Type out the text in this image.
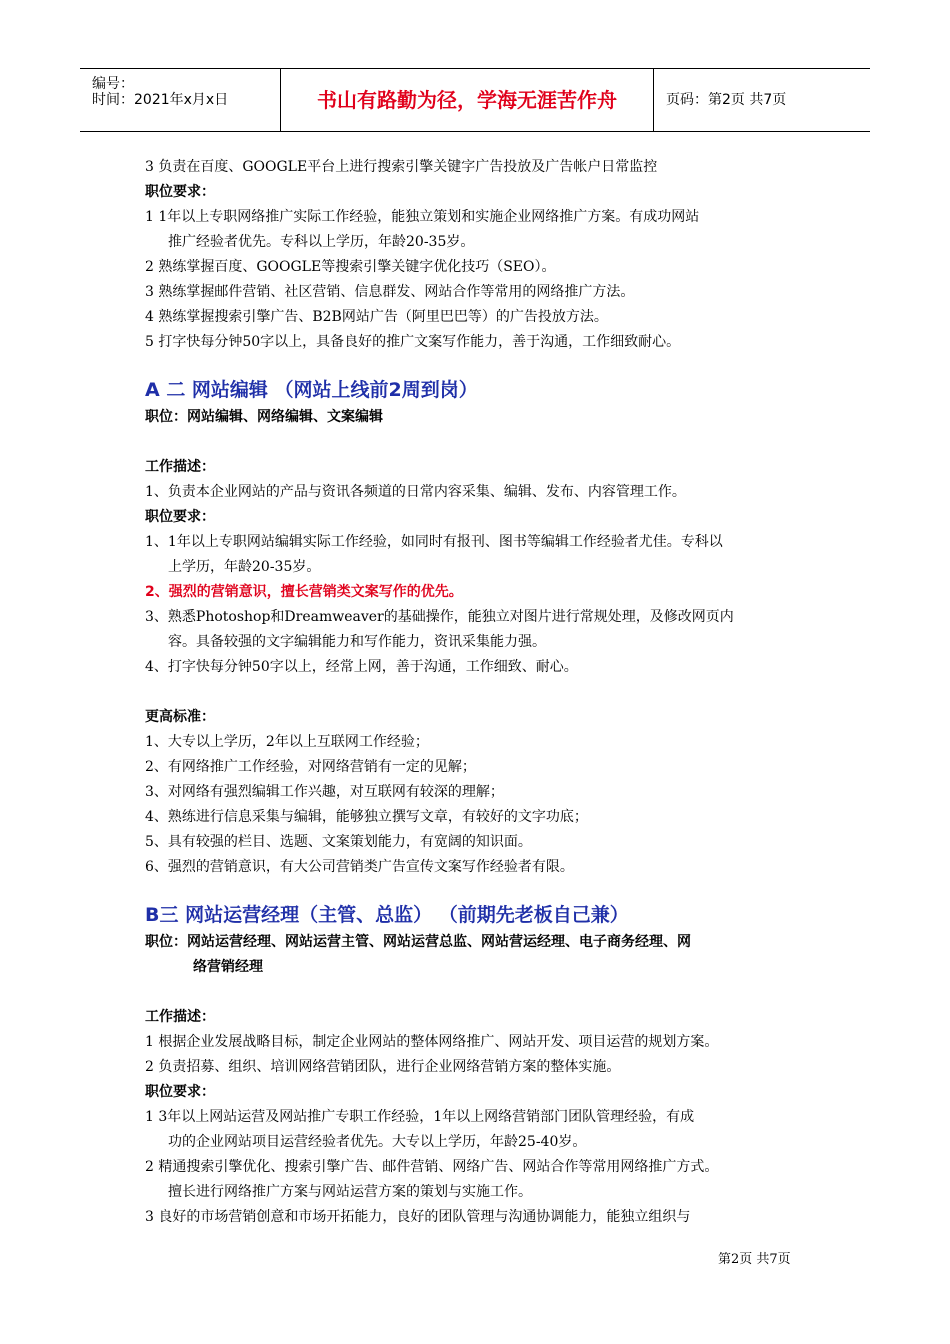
编号：
时间：2021年x月x日	书山有路勤为径，学海无涯苦作舟	页码：第2页 共7页
3 负责在百度、GOOGLE平台上进行搜索引擎关键字广告投放及广告帐户日常监控
职位要求：
1 1年以上专职网络推广实际工作经验，能独立策划和实施企业网络推广方案。有成功网站
推广经验者优先。专科以上学历，年龄20-35岁。
2 熟练掌握百度、GOOGLE等搜索引擎关键字优化技巧（SEO）。
3 熟练掌握邮件营销、社区营销、信息群发、网站合作等常用的网络推广方法。
4 熟练掌握搜索引擎广告、B2B网站广告（阿里巴巴等）的广告投放方法。
5 打字快每分钟50字以上，具备良好的推广文案写作能力，善于沟通，工作细致耐心。
A 二 网站编辑 （网站上线前2周到岗）
职位：网站编辑、网络编辑、文案编辑
工作描述：
1、负责本企业网站的产品与资讯各频道的日常内容采集、编辑、发布、内容管理工作。
职位要求：
1、1年以上专职网站编辑实际工作经验，如同时有报刊、图书等编辑工作经验者尤佳。专科以
上学历，年龄20-35岁。
2、强烈的营销意识，擅长营销类文案写作的优先。
3、熟悉Photoshop和Dreamweaver的基础操作，能独立对图片进行常规处理，及修改网页内
容。具备较强的文字编辑能力和写作能力，资讯采集能力强。
4、打字快每分钟50字以上，经常上网，善于沟通，工作细致、耐心。
更高标准：
1、大专以上学历，2年以上互联网工作经验；
2、有网络推广工作经验，对网络营销有一定的见解；
3、对网络有强烈编辑工作兴趣，对互联网有较深的理解；
4、熟练进行信息采集与编辑，能够独立撰写文章，有较好的文字功底；
5、具有较强的栏目、选题、文案策划能力，有宽阔的知识面。
6、强烈的营销意识，有大公司营销类广告宣传文案写作经验者有限。
B三 网站运营经理（主管、总监） （前期先老板自己兼）
职位：网站运营经理、网站运营主管、网站运营总监、网站营运经理、电子商务经理、网
络营销经理
工作描述：
1 根据企业发展战略目标，制定企业网站的整体网络推广、网站开发、项目运营的规划方案。
2 负责招募、组织、培训网络营销团队，进行企业网络营销方案的整体实施。
职位要求：
1 3年以上网站运营及网站推广专职工作经验，1年以上网络营销部门团队管理经验，有成
功的企业网站项目运营经验者优先。大专以上学历，年龄25-40岁。
2 精通搜索引擎优化、搜索引擎广告、邮件营销、网络广告、网站合作等常用网络推广方式。
擅长进行网络推广方案与网站运营方案的策划与实施工作。
3 良好的市场营销创意和市场开拓能力，良好的团队管理与沟通协调能力，能独立组织与
第2页 共7页
